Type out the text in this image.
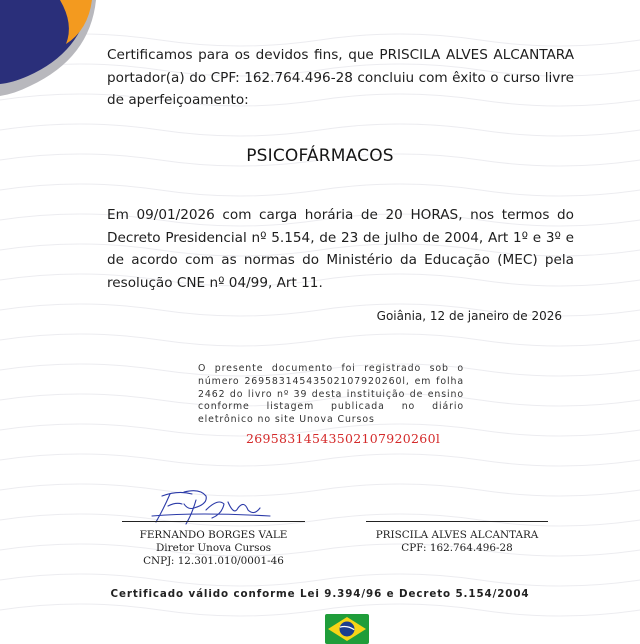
Certificamos para os devidos fins, que PRISCILA ALVES ALCANTARA portador(a) do CPF: 162.764.496-28 concluiu com êxito o curso livre de aperfeiçoamento:
PSICOFÁRMACOS
Em 09/01/2026 com carga horária de 20 HORAS, nos termos do Decreto Presidencial nº 5.154, de 23 de julho de 2004, Art 1º e 3º e de acordo com as normas do Ministério da Educação (MEC) pela resolução CNE nº 04/99, Art 11.
Goiânia, 12 de janeiro de 2026
O presente documento foi registrado sob o número 26958314543502107920260l, em folha 2462 do livro nº 39 desta instituição de ensino conforme listagem publicada no diário eletrônico no site Unova Cursos
26958314543502107920260l
FERNANDO BORGES VALE
Diretor Unova Cursos
CNPJ: 12.301.010/0001-46
PRISCILA ALVES ALCANTARA
CPF: 162.764.496-28
Certificado válido conforme Lei 9.394/96 e Decreto 5.154/2004
